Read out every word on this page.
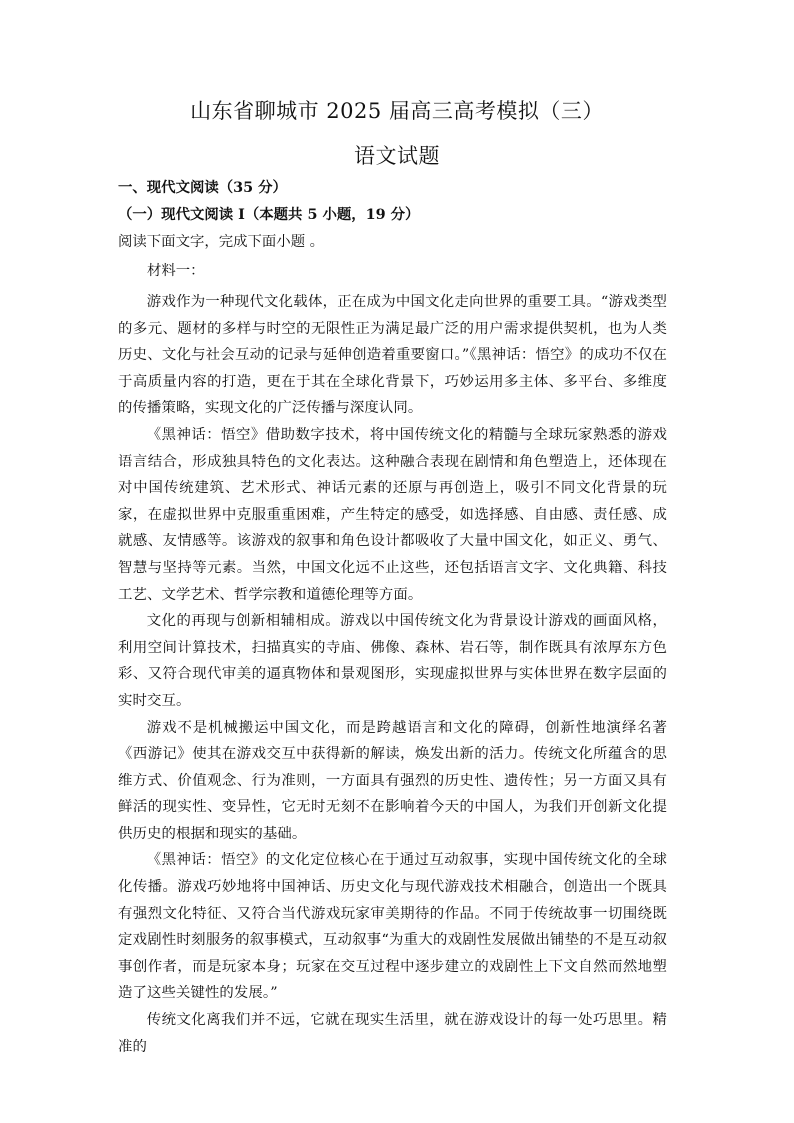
山东省聊城市 2025 届高三高考模拟（三）
语文试题
一、现代文阅读（35 分）
（一）现代文阅读 I（本题共 5 小题，19 分）
阅读下面文字，完成下面小题 。
材料一：

游戏作为一种现代文化载体，正在成为中国文化走向世界的重要工具。“游戏类型的多元、题材的多样与时空的无限性正为满足最广泛的用户需求提供契机，也为人类历史、文化与社会互动的记录与延伸创造着重要窗口。”《黑神话：悟空》的成功不仅在于高质量内容的打造，更在于其在全球化背景下，巧妙运用多主体、多平台、多维度的传播策略，实现文化的广泛传播与深度认同。

《黑神话：悟空》借助数字技术，将中国传统文化的精髓与全球玩家熟悉的游戏语言结合，形成独具特色的文化表达。这种融合表现在剧情和角色塑造上，还体现在对中国传统建筑、艺术形式、神话元素的还原与再创造上，吸引不同文化背景的玩家，在虚拟世界中克服重重困难，产生特定的感受，如选择感、自由感、责任感、成就感、友情感等。该游戏的叙事和角色设计都吸收了大量中国文化，如正义、勇气、智慧与坚持等元素。当然，中国文化远不止这些，还包括语言文字、文化典籍、科技工艺、文学艺术、哲学宗教和道德伦理等方面。

文化的再现与创新相辅相成。游戏以中国传统文化为背景设计游戏的画面风格，利用空间计算技术，扫描真实的寺庙、佛像、森林、岩石等，制作既具有浓厚东方色彩、又符合现代审美的逼真物体和景观图形，实现虚拟世界与实体世界在数字层面的实时交互。

游戏不是机械搬运中国文化，而是跨越语言和文化的障碍，创新性地演绎名著《西游记》使其在游戏交互中获得新的解读，焕发出新的活力。传统文化所蕴含的思维方式、价值观念、行为准则，一方面具有强烈的历史性、遗传性；另一方面又具有鲜活的现实性、变异性，它无时无刻不在影响着今天的中国人，为我们开创新文化提供历史的根据和现实的基础。

《黑神话：悟空》的文化定位核心在于通过互动叙事，实现中国传统文化的全球化传播。游戏巧妙地将中国神话、历史文化与现代游戏技术相融合，创造出一个既具有强烈文化特征、又符合当代游戏玩家审美期待的作品。不同于传统故事一切围绕既定戏剧性时刻服务的叙事模式，互动叙事“为重大的戏剧性发展做出铺垫的不是互动叙事创作者，而是玩家本身；玩家在交互过程中逐步建立的戏剧性上下文自然而然地塑造了这些关键性的发展。”

传统文化离我们并不远，它就在现实生活里，就在游戏设计的每一处巧思里。精准的
